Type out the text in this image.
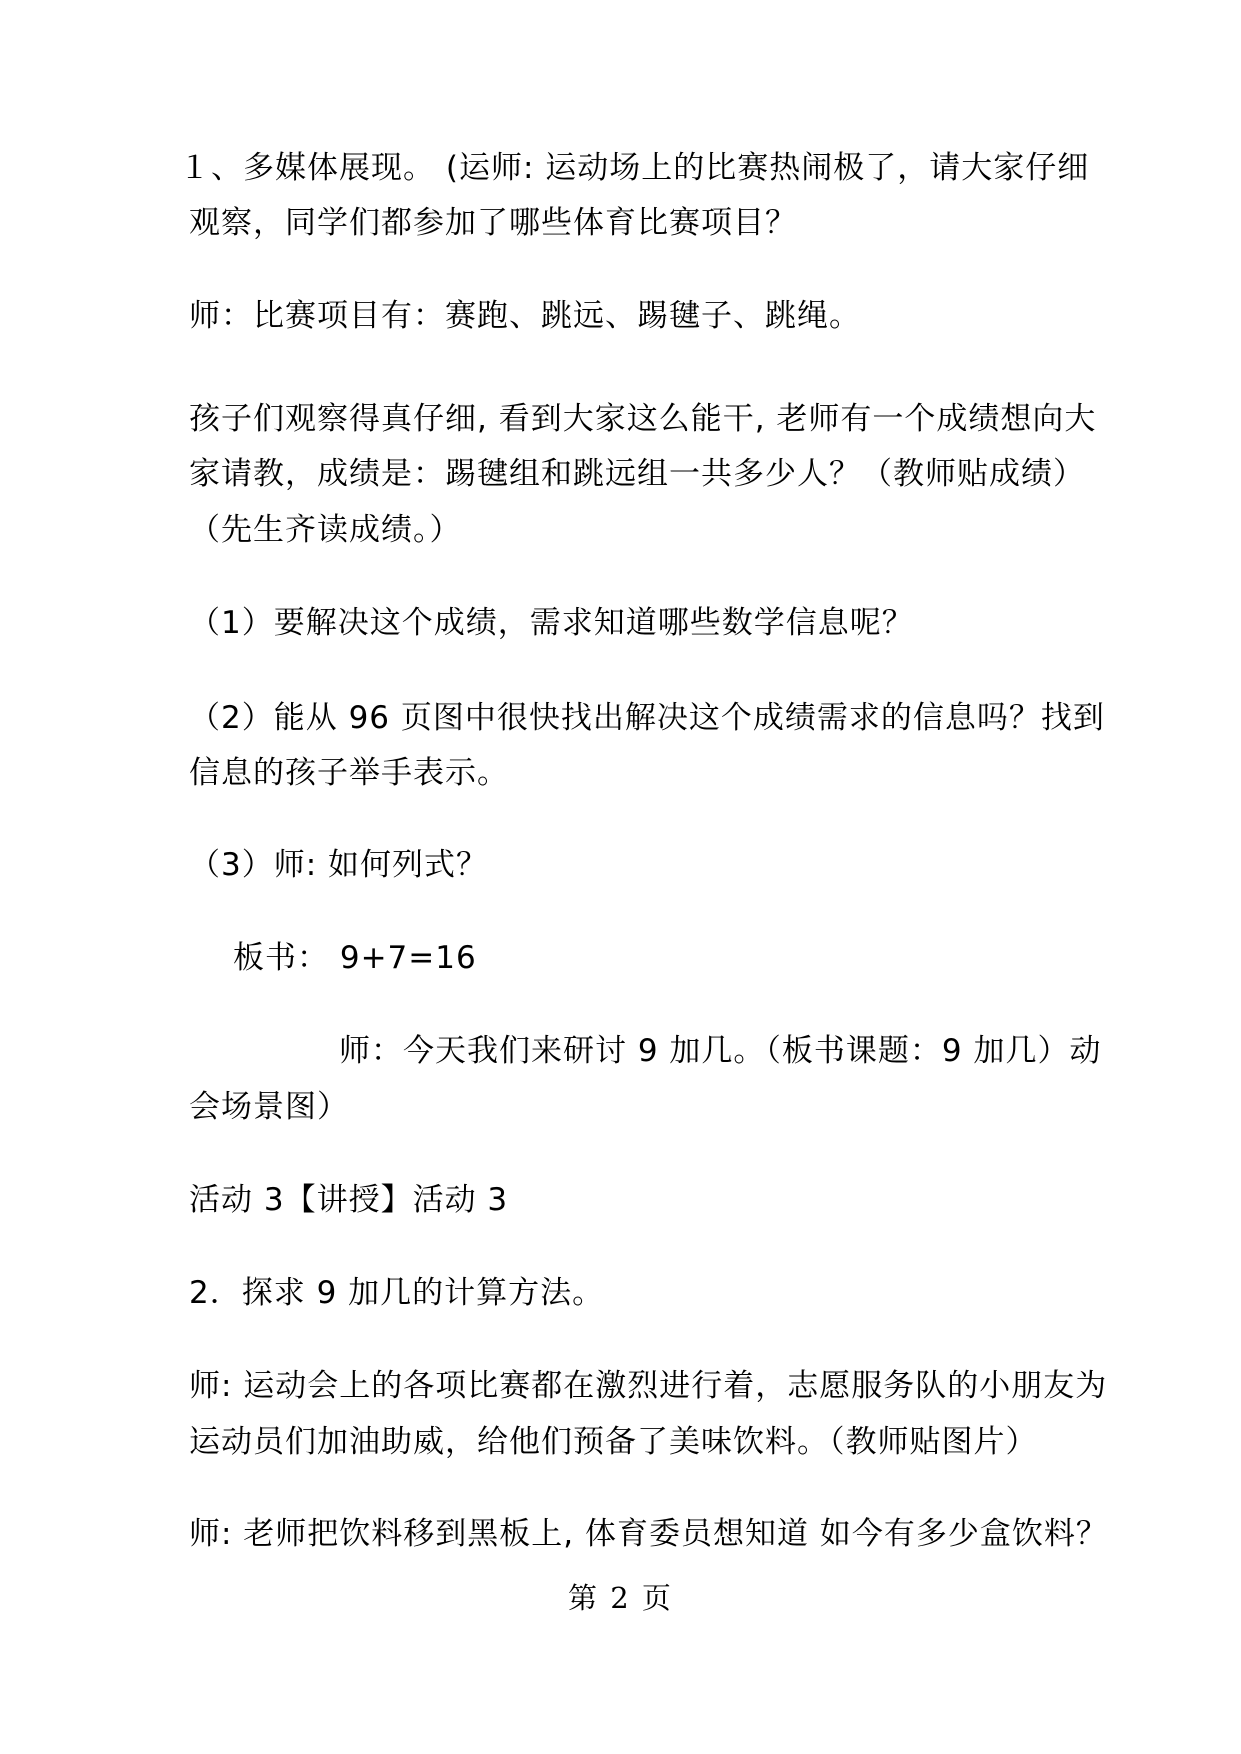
１、多媒体展现。 (运师: 运动场上的比赛热闹极了，请大家仔细
观察，同学们都参加了哪些体育比赛项目？
师：比赛项目有：赛跑、跳远、踢毽子、跳绳。
孩子们观察得真仔细, 看到大家这么能干, 老师有一个成绩想向大
家请教，成绩是：踢毽组和跳远组一共多少人？（教师贴成绩）
（先生齐读成绩。）
（1）要解决这个成绩，需求知道哪些数学信息呢？
（2）能从 96 页图中很快找出解决这个成绩需求的信息吗？找到
信息的孩子举手表示。
（3）师: 如何列式？
板书： 9+7=16
师：今天我们来研讨 9 加几。（板书课题：9 加几）动
会场景图）
活动 3【讲授】活动 3
2．探求 9 加几的计算方法。
师: 运动会上的各项比赛都在激烈进行着，志愿服务队的小朋友为
运动员们加油助威，给他们预备了美味饮料。（教师贴图片）
师: 老师把饮料移到黑板上, 体育委员想知道 如今有多少盒饮料？
第 2 页
